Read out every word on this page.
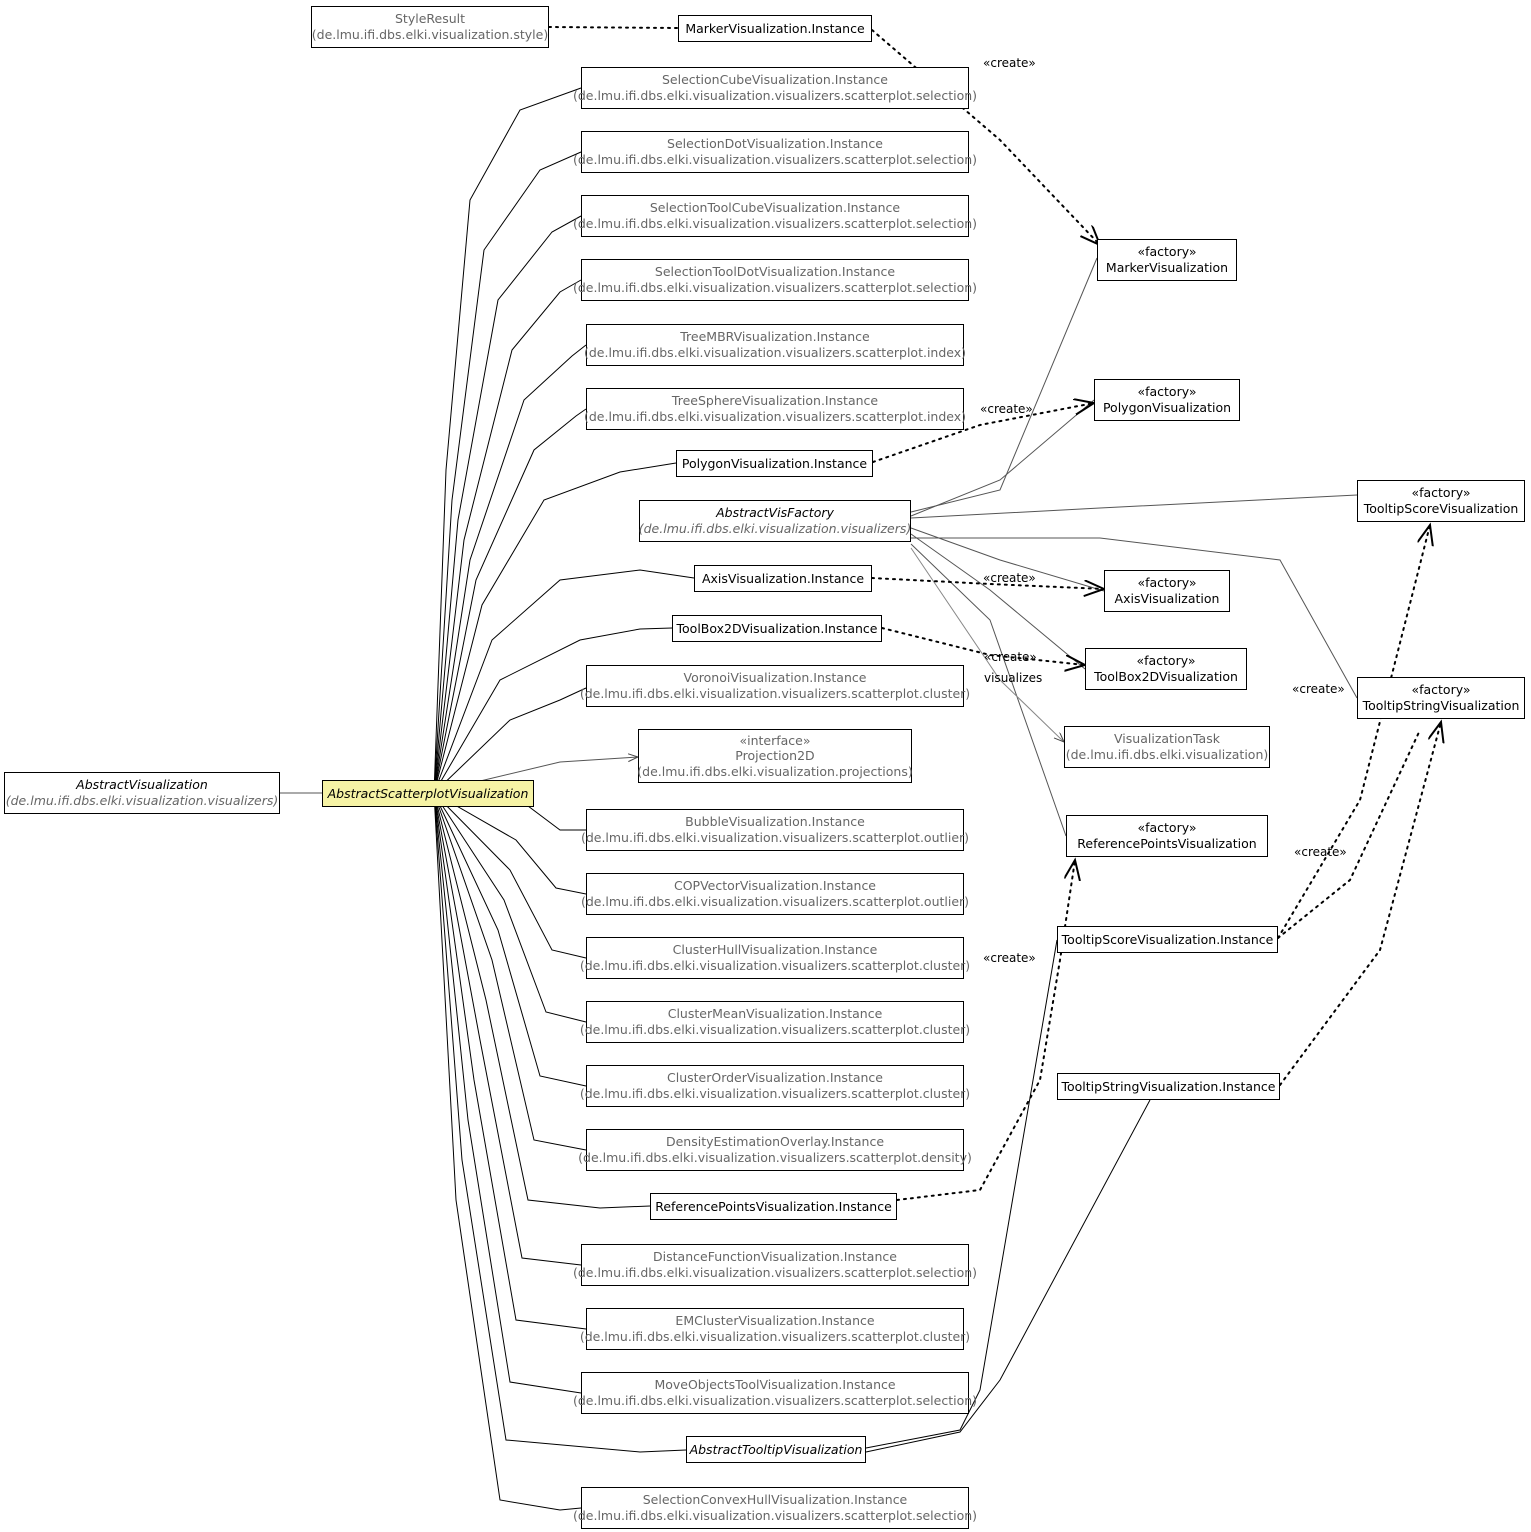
StyleResult
(de.lmu.ifi.dbs.elki.visualization.style)	MarkerVisualization.Instance
SelectionCubeVisualization.Instance
(de.lmu.ifi.dbs.elki.visualization.visualizers.scatterplot.selection)
SelectionDotVisualization.Instance
(de.lmu.ifi.dbs.elki.visualization.visualizers.scatterplot.selection)
SelectionToolCubeVisualization.Instance
(de.lmu.ifi.dbs.elki.visualization.visualizers.scatterplot.selection)
SelectionToolDotVisualization.Instance
(de.lmu.ifi.dbs.elki.visualization.visualizers.scatterplot.selection)
TreeMBRVisualization.Instance
(de.lmu.ifi.dbs.elki.visualization.visualizers.scatterplot.index)
TreeSphereVisualization.Instance
(de.lmu.ifi.dbs.elki.visualization.visualizers.scatterplot.index)
PolygonVisualization.Instance
AbstractVisFactory
(de.lmu.ifi.dbs.elki.visualization.visualizers)
AxisVisualization.Instance
ToolBox2DVisualization.Instance
VoronoiVisualization.Instance
(de.lmu.ifi.dbs.elki.visualization.visualizers.scatterplot.cluster)
«interface»
Projection2D
(de.lmu.ifi.dbs.elki.visualization.projections)
AbstractVisualization
(de.lmu.ifi.dbs.elki.visualization.visualizers)	AbstractScatterplotVisualization
BubbleVisualization.Instance
(de.lmu.ifi.dbs.elki.visualization.visualizers.scatterplot.outlier)
COPVectorVisualization.Instance
(de.lmu.ifi.dbs.elki.visualization.visualizers.scatterplot.outlier)
ClusterHullVisualization.Instance
(de.lmu.ifi.dbs.elki.visualization.visualizers.scatterplot.cluster)
ClusterMeanVisualization.Instance
(de.lmu.ifi.dbs.elki.visualization.visualizers.scatterplot.cluster)
ClusterOrderVisualization.Instance
(de.lmu.ifi.dbs.elki.visualization.visualizers.scatterplot.cluster)
DensityEstimationOverlay.Instance
(de.lmu.ifi.dbs.elki.visualization.visualizers.scatterplot.density)
ReferencePointsVisualization.Instance
DistanceFunctionVisualization.Instance
(de.lmu.ifi.dbs.elki.visualization.visualizers.scatterplot.selection)
EMClusterVisualization.Instance
(de.lmu.ifi.dbs.elki.visualization.visualizers.scatterplot.cluster)
MoveObjectsToolVisualization.Instance
(de.lmu.ifi.dbs.elki.visualization.visualizers.scatterplot.selection)
AbstractTooltipVisualization
SelectionConvexHullVisualization.Instance
(de.lmu.ifi.dbs.elki.visualization.visualizers.scatterplot.selection)
«factory»
MarkerVisualization
«factory»
PolygonVisualization
«factory»
TooltipScoreVisualization
«factory»
AxisVisualization
«factory»
ToolBox2DVisualization
VisualizationTask
(de.lmu.ifi.dbs.elki.visualization)
«factory»
TooltipStringVisualization
«factory»
ReferencePointsVisualization
TooltipScoreVisualization.Instance
TooltipStringVisualization.Instance
«create»
«create»
«create»
«create»
visualizes
«create»
«create»
«create»
